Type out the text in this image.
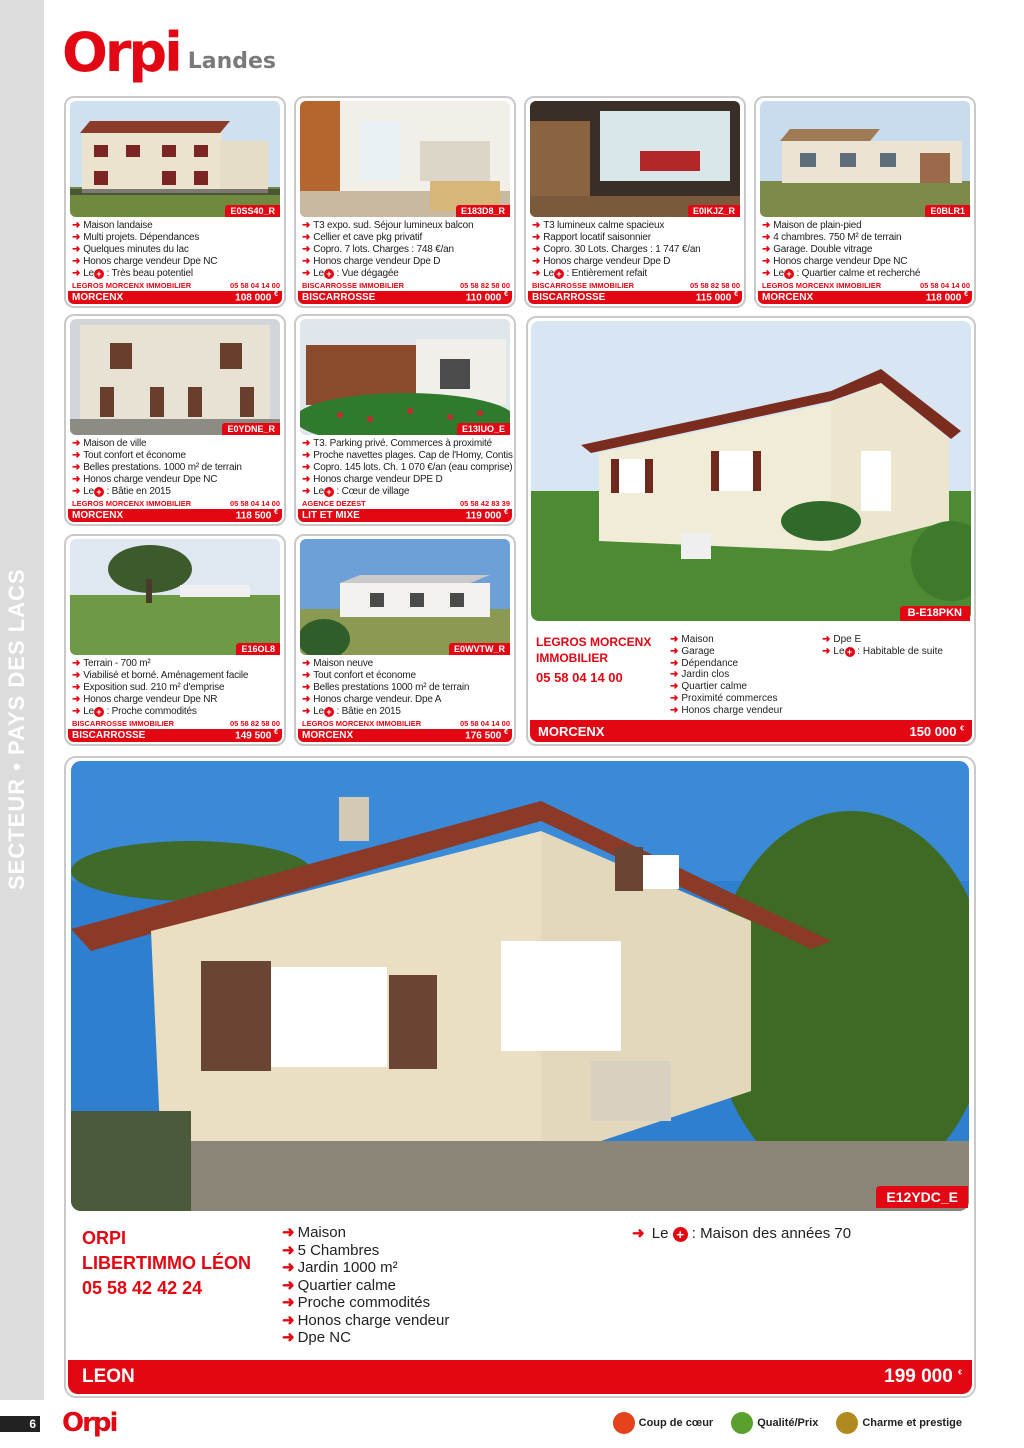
SECTEUR • PAYS DES LACS
Orpi Landes
E0SS40_R
➜ Maison landaise
➜ Multi projets. Dépendances
➜ Quelques minutes du lac
➜ Honos charge vendeur Dpe NC
➜ Le + : Très beau potentiel
LEGROS MORCENX IMMOBILIER	05 58 04 14 00
MORCENX	108 000 €
E183D8_R
➜ T3 expo. sud. Séjour lumineux balcon
➜ Cellier et cave pkg privatif
➜ Copro. 7 lots. Charges : 748 €/an
➜ Honos charge vendeur Dpe D
➜ Le + : Vue dégagée
BISCARROSSE IMMOBILIER	05 58 82 58 00
BISCARROSSE	110 000 €
E0IKJZ_R
➜ T3 lumineux calme spacieux
➜ Rapport locatif saisonnier
➜ Copro. 30 Lots. Charges : 1 747 €/an
➜ Honos charge vendeur Dpe D
➜ Le + : Entièrement refait
BISCARROSSE IMMOBILIER	05 58 82 58 00
BISCARROSSE	115 000 €
E0BLR1
➜ Maison de plain-pied
➜ 4 chambres. 750 M² de terrain
➜ Garage. Double vitrage
➜ Honos charge vendeur Dpe NC
➜ Le + : Quartier calme et recherché
LEGROS MORCENX IMMOBILIER	05 58 04 14 00
MORCENX	118 000 €
E0YDNE_R
➜ Maison de ville
➜ Tout confort et économe
➜ Belles prestations. 1000 m² de terrain
➜ Honos charge vendeur Dpe NC
➜ Le + : Bâtie en 2015
LEGROS MORCENX IMMOBILIER	05 58 04 14 00
MORCENX	118 500 €
E13IUO_E
➜ T3. Parking privé. Commerces à proximité
➜ Proche navettes plages. Cap de l'Homy, Contis
➜ Copro. 145 lots. Ch. 1 070 €/an (eau comprise)
➜ Honos charge vendeur DPE D
➜ Le + : Cœur de village
AGENCE DEZEST	05 58 42 83 39
LIT ET MIXE	119 000 €
E16OL8
➜ Terrain - 700 m²
➜ Viabilisé et borné. Aménagement facile
➜ Exposition sud. 210 m² d'emprise
➜ Honos charge vendeur Dpe NR
➜ Le + : Proche commodités
BISCARROSSE IMMOBILIER	05 58 82 58 00
BISCARROSSE	149 500 €
E0WVTW_R
➜ Maison neuve
➜ Tout confort et économe
➜ Belles prestations 1000 m² de terrain
➜ Honos charge vendeur. Dpe A
➜ Le + : Bâtie en 2015
LEGROS MORCENX IMMOBILIER	05 58 04 14 00
MORCENX	176 500 €
B-E18PKN
LEGROS MORCENX IMMOBILIER
05 58 04 14 00
➜ Maison
➜ Garage
➜ Dépendance
➜ Jardin clos
➜ Quartier calme
➜ Proximité commerces
➜ Honos charge vendeur
➜ Dpe E
➜ Le + : Habitable de suite
MORCENX	150 000 €
E12YDC_E
ORPI
LIBERTIMMO LÉON
05 58 42 42 24
➜ Maison
➜ 5 Chambres
➜ Jardin 1000 m²
➜ Quartier calme
➜ Proche commodités
➜ Honos charge vendeur
➜ Dpe NC
➜ Le + : Maison des années 70
LEON	199 000 €
6 Orpi	Coup de cœur	Qualité/Prix	Charme et prestige
